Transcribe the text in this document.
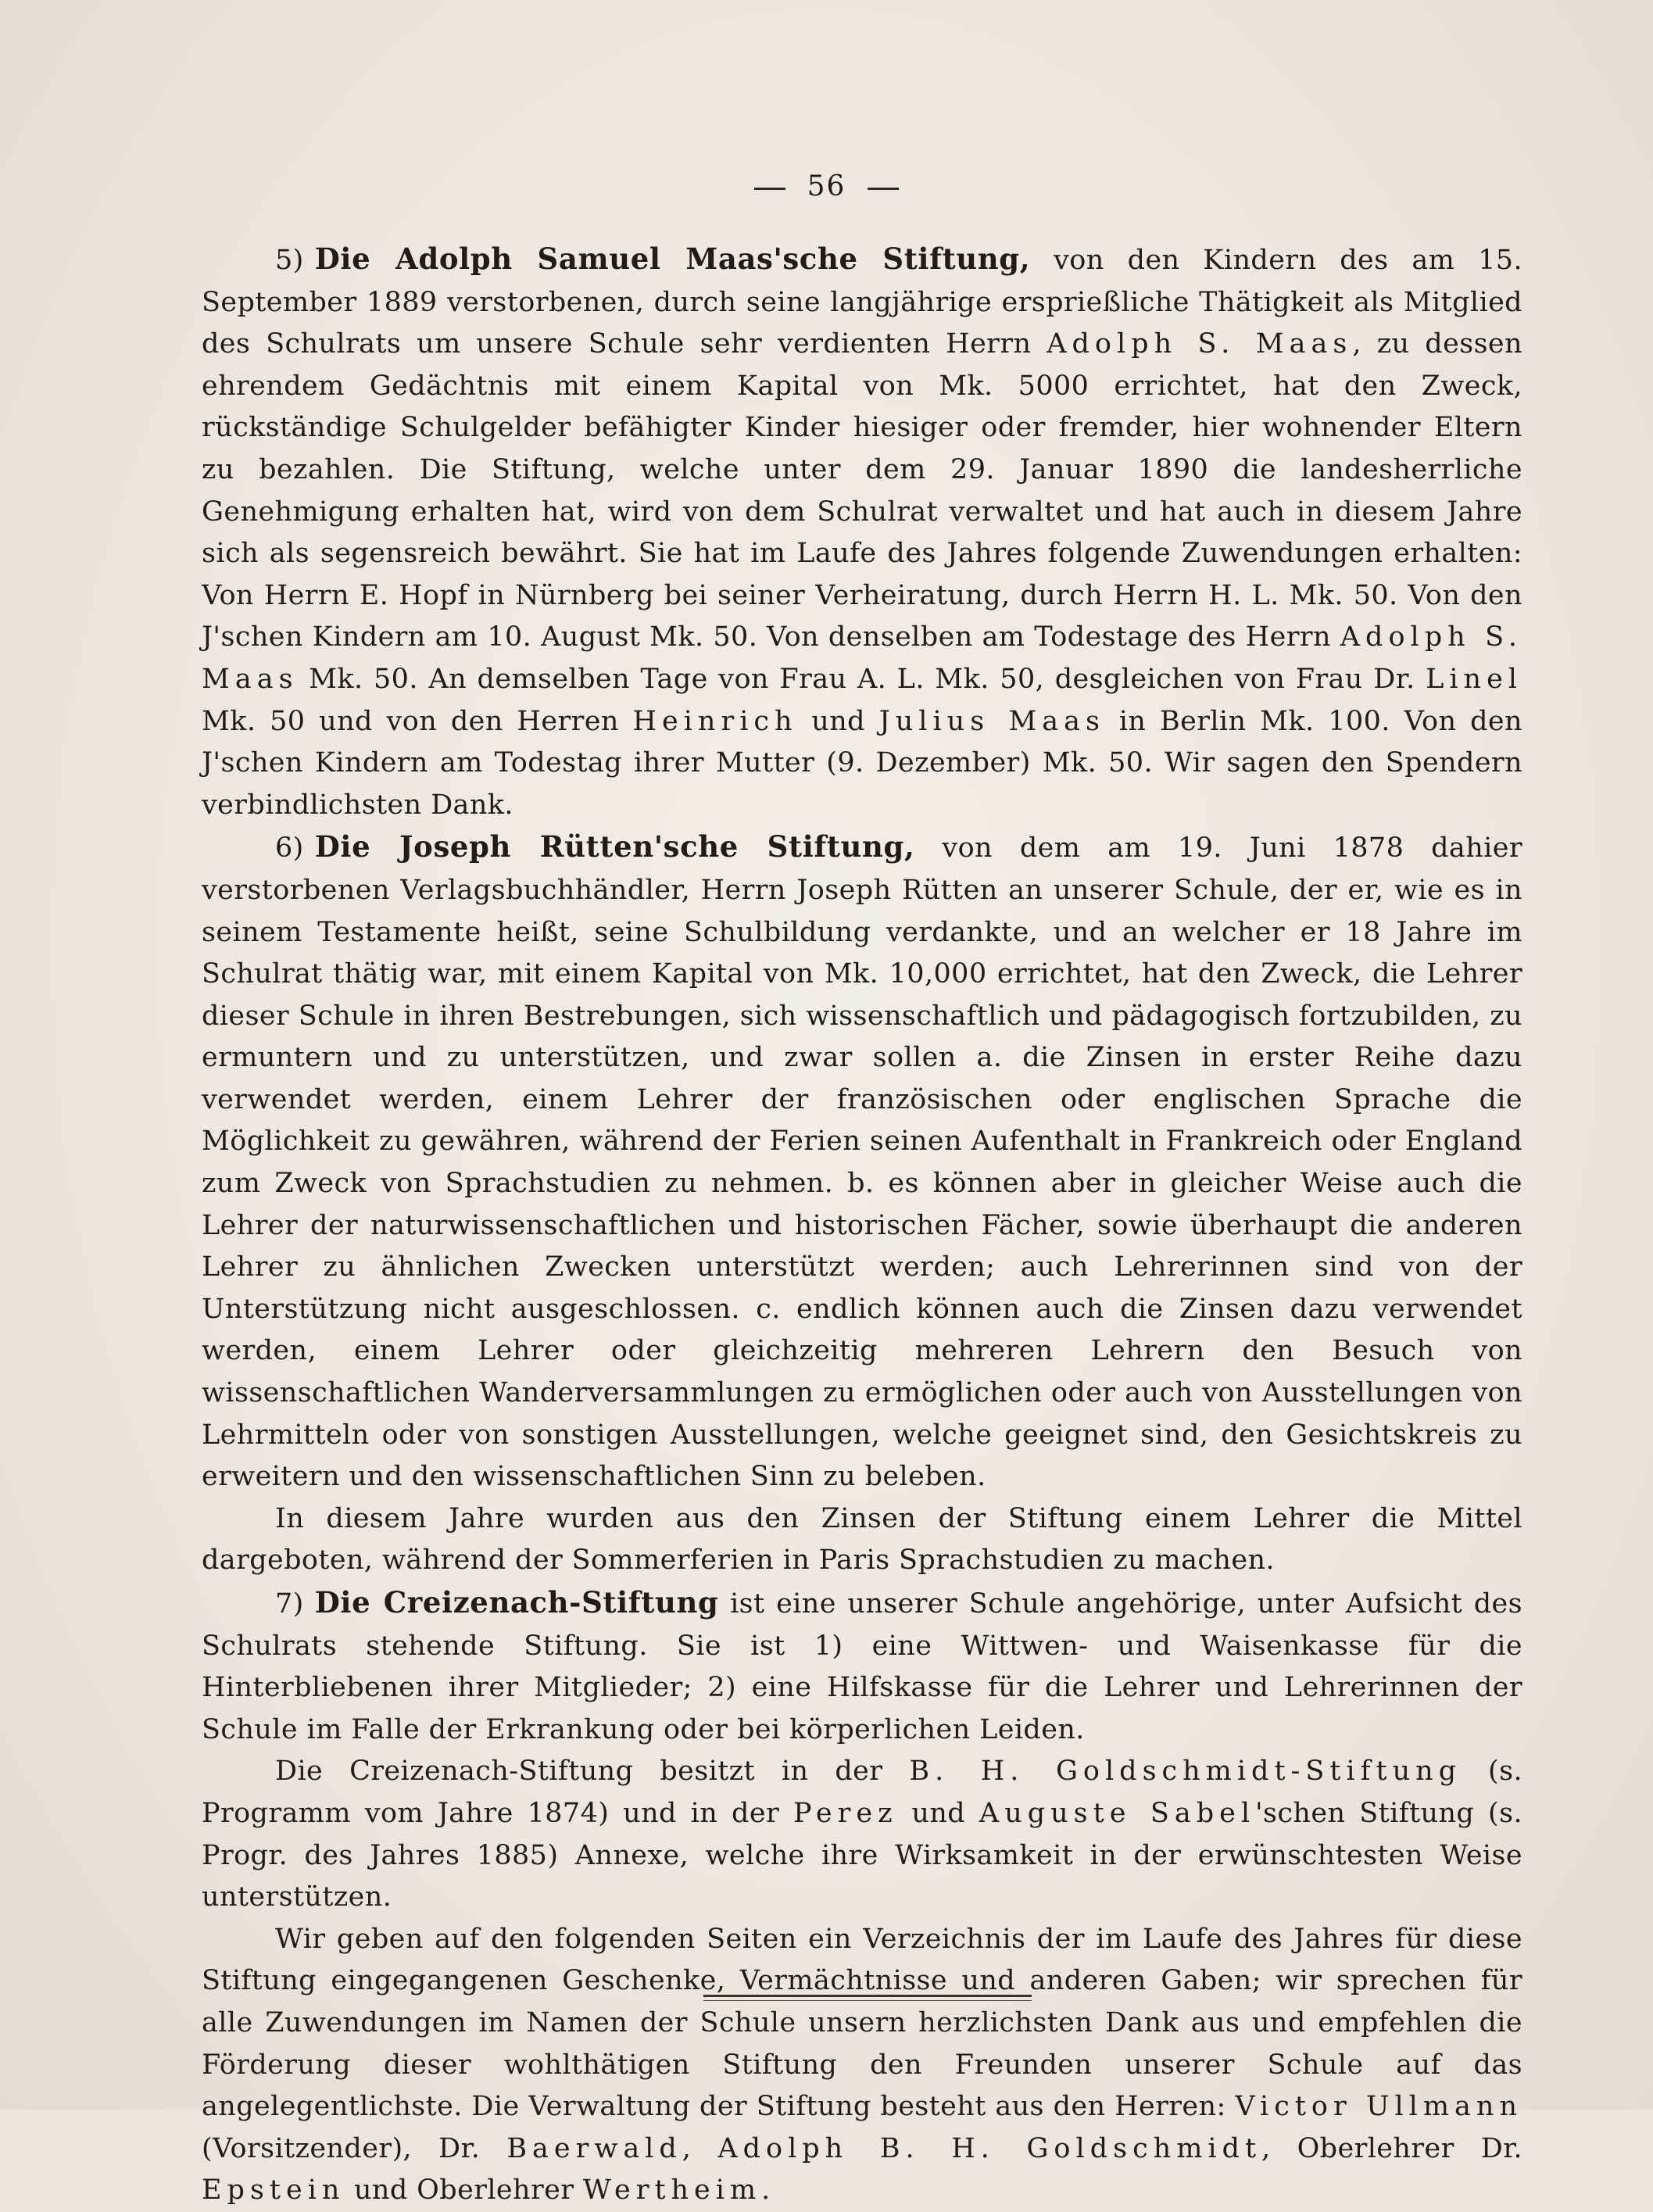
56

5) Die Adolph Samuel Maas'sche Stiftung, von den Kindern des am 15. September 1889 verstorbenen, durch seine langjährige ersprießliche Thätigkeit als Mitglied des Schulrats um unsere Schule sehr verdienten Herrn Adolph S. Maas, zu dessen ehrendem Gedächtnis mit einem Kapital von Mk. 5000 errichtet, hat den Zweck, rückständige Schulgelder befähigter Kinder hiesiger oder fremder, hier wohnender Eltern zu bezahlen. Die Stiftung, welche unter dem 29. Januar 1890 die landesherrliche Genehmigung erhalten hat, wird von dem Schulrat verwaltet und hat auch in diesem Jahre sich als segensreich bewährt. Sie hat im Laufe des Jahres folgende Zuwendungen erhalten: Von Herrn E. Hopf in Nürnberg bei seiner Verheiratung, durch Herrn H. L. Mk. 50. Von den J'schen Kindern am 10. August Mk. 50. Von denselben am Todestage des Herrn Adolph S. Maas Mk. 50. An demselben Tage von Frau A. L. Mk. 50, desgleichen von Frau Dr. Linel Mk. 50 und von den Herren Heinrich und Julius Maas in Berlin Mk. 100. Von den J'schen Kindern am Todestag ihrer Mutter (9. Dezember) Mk. 50. Wir sagen den Spendern verbindlichsten Dank.

6) Die Joseph Rütten'sche Stiftung, von dem am 19. Juni 1878 dahier verstorbenen Verlagsbuchhändler, Herrn Joseph Rütten an unserer Schule, der er, wie es in seinem Testamente heißt, seine Schulbildung verdankte, und an welcher er 18 Jahre im Schulrat thätig war, mit einem Kapital von Mk. 10,000 errichtet, hat den Zweck, die Lehrer dieser Schule in ihren Bestrebungen, sich wissenschaftlich und pädagogisch fortzubilden, zu ermuntern und zu unterstützen, und zwar sollen a. die Zinsen in erster Reihe dazu verwendet werden, einem Lehrer der französischen oder englischen Sprache die Möglichkeit zu gewähren, während der Ferien seinen Aufenthalt in Frankreich oder England zum Zweck von Sprachstudien zu nehmen. b. es können aber in gleicher Weise auch die Lehrer der naturwissenschaftlichen und historischen Fächer, sowie überhaupt die anderen Lehrer zu ähnlichen Zwecken unterstützt werden; auch Lehrerinnen sind von der Unterstützung nicht ausgeschlossen. c. endlich können auch die Zinsen dazu verwendet werden, einem Lehrer oder gleichzeitig mehreren Lehrern den Besuch von wissenschaftlichen Wanderversammlungen zu ermöglichen oder auch von Ausstellungen von Lehrmitteln oder von sonstigen Ausstellungen, welche geeignet sind, den Gesichtskreis zu erweitern und den wissenschaftlichen Sinn zu beleben.

In diesem Jahre wurden aus den Zinsen der Stiftung einem Lehrer die Mittel dargeboten, während der Sommerferien in Paris Sprachstudien zu machen.

7) Die Creizenach-Stiftung ist eine unserer Schule angehörige, unter Aufsicht des Schulrats stehende Stiftung. Sie ist 1) eine Wittwen- und Waisenkasse für die Hinterbliebenen ihrer Mitglieder; 2) eine Hilfskasse für die Lehrer und Lehrerinnen der Schule im Falle der Erkrankung oder bei körperlichen Leiden.

Die Creizenach-Stiftung besitzt in der B. H. Goldschmidt-Stiftung (s. Programm vom Jahre 1874) und in der Perez und Auguste Sabel'schen Stiftung (s. Progr. des Jahres 1885) Annexe, welche ihre Wirksamkeit in der erwünschtesten Weise unterstützen.

Wir geben auf den folgenden Seiten ein Verzeichnis der im Laufe des Jahres für diese Stiftung eingegangenen Geschenke, Vermächtnisse und anderen Gaben; wir sprechen für alle Zuwendungen im Namen der Schule unsern herzlichsten Dank aus und empfehlen die Förderung dieser wohlthätigen Stiftung den Freunden unserer Schule auf das angelegentlichste. Die Verwaltung der Stiftung besteht aus den Herren: Victor Ullmann (Vorsitzender), Dr. Baerwald, Adolph B. H. Goldschmidt, Oberlehrer Dr. Epstein und Oberlehrer Wertheim.
